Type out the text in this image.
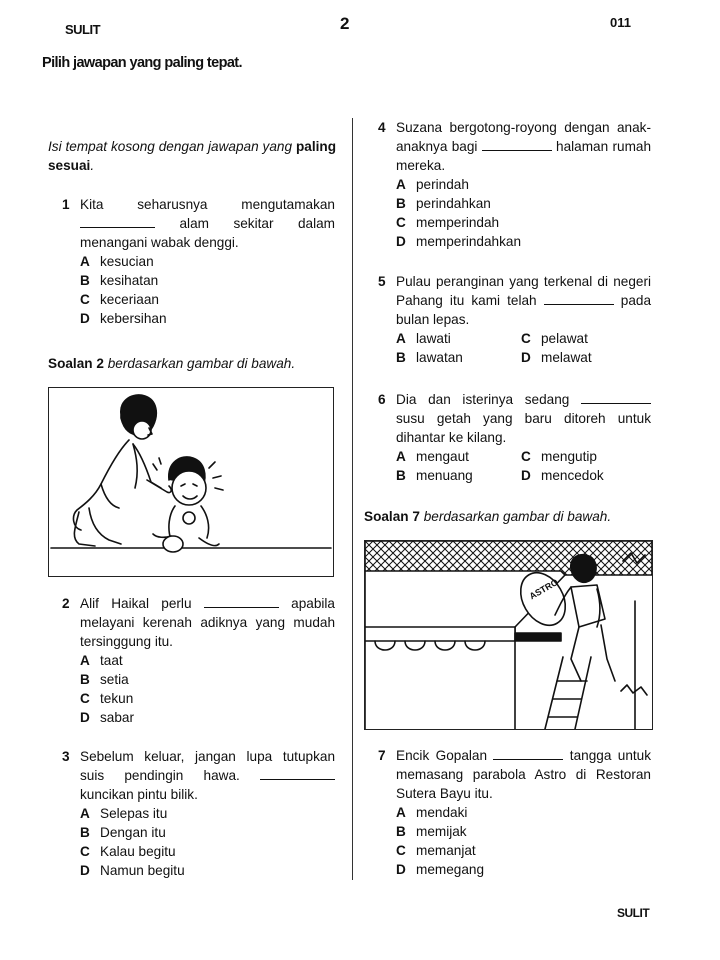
SULIT	2	011
Pilih jawapan yang paling tepat.
Isi tempat kosong dengan jawapan yang paling sesuai.
1 Kita seharusnya mengutamakan  alam sekitar dalam menangani wabak denggi.
A kesucian
B kesihatan
C keceriaan
D kebersihan
Soalan 2 berdasarkan gambar di bawah.
2 Alif Haikal perlu	apabila melayani kerenah adiknya yang mudah tersinggung itu.
A taat
B setia
C tekun
D sabar
3 Sebelum keluar, jangan lupa tutupkan suis pendingin hawa.  kuncikan pintu bilik.
A Selepas itu
B Dengan itu
C Kalau begitu
D Namun begitu
4 Suzana bergotong-royong dengan anak-anaknya bagi	halaman rumah mereka.
A perindah
B perindahkan
C memperindah
D memperindahkan
5 Pulau peranginan yang terkenal di negeri Pahang itu kami telah	pada bulan lepas.
A lawati	C pelawat
B lawatan	D melawat
6 Dia dan isterinya sedang  susu getah yang baru ditoreh untuk dihantar ke kilang.
A mengaut	C mengutip
B menuang	D mencedok
Soalan 7 berdasarkan gambar di bawah.
ASTRO
7 Encik Gopalan	tangga untuk memasang parabola Astro di Restoran Sutera Bayu itu.
A mendaki
B memijak
C memanjat
D memegang
SULIT
